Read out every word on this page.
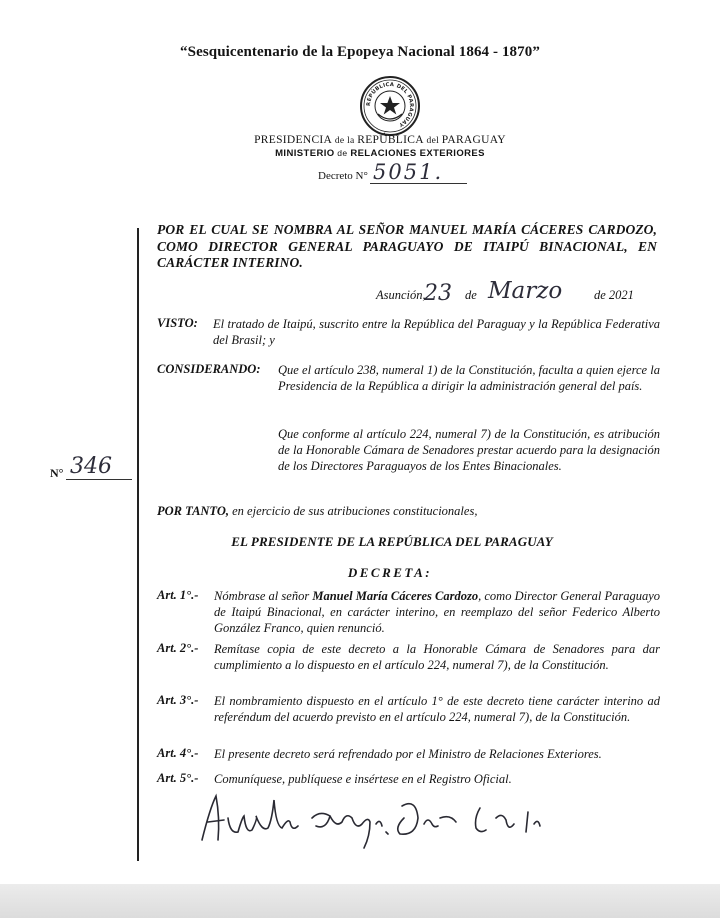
“Sesquicentenario de la Epopeya Nacional 1864 - 1870”
REPÚBLICA DEL PARAGUAY
PRESIDENCIA de la REPÚBLICA del PARAGUAY
MINISTERIO de RELACIONES EXTERIORES
Decreto N° 5051.
POR EL CUAL SE NOMBRA AL SEÑOR MANUEL MARÍA CÁCERES CARDOZO, COMO DIRECTOR GENERAL PARAGUAYO DE ITAIPÚ BINACIONAL, EN CARÁCTER INTERINO.
Asunción,
23 de Marzo	de 2021
VISTO: El tratado de Itaipú, suscrito entre la República del Paraguay y la República Federativa del Brasil; y
CONSIDERANDO: Que el artículo 238, numeral 1) de la Constitución, faculta a quien ejerce la Presidencia de la República a dirigir la administración general del país.
Que conforme al artículo 224, numeral 7) de la Constitución, es atribución de la Honorable Cámara de Senadores prestar acuerdo para la designación de los Directores Paraguayos de los Entes Binacionales.
N° 346
POR TANTO, en ejercicio de sus atribuciones constitucionales,
EL PRESIDENTE DE LA REPÚBLICA DEL PARAGUAY
DECRETA:
Art. 1°.- Nómbrase al señor Manuel María Cáceres Cardozo, como Director General Paraguayo de Itaipú Binacional, en carácter interino, en reemplazo del señor Federico Alberto González Franco, quien renunció.
Art. 2°.- Remítase copia de este decreto a la Honorable Cámara de Senadores para dar cumplimiento a lo dispuesto en el artículo 224, numeral 7), de la Constitución.
Art. 3°.- El nombramiento dispuesto en el artículo 1° de este decreto tiene carácter interino ad referéndum del acuerdo previsto en el artículo 224, numeral 7), de la Constitución.
Art. 4°.- El presente decreto será refrendado por el Ministro de Relaciones Exteriores.
Art. 5°.- Comuníquese, publíquese e insértese en el Registro Oficial.
